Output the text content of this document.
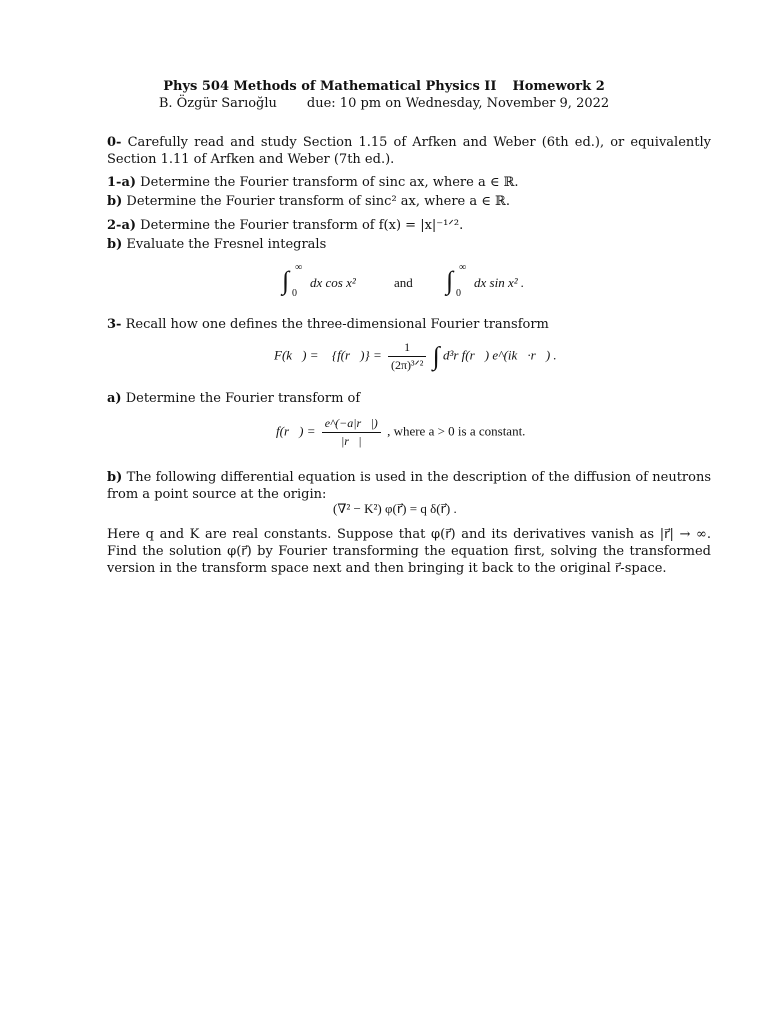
Phys 504 Methods of Mathematical Physics II Homework 2
B. Özgür Sarıoğlu due: 10 pm on Wednesday, November 9, 2022
0- Carefully read and study Section 1.15 of Arfken and Weber (6th ed.), or equivalently Section 1.11 of Arfken and Weber (7th ed.).
1-a) Determine the Fourier transform of sinc ax, where a ∈ ℝ.
b) Determine the Fourier transform of sinc² ax, where a ∈ ℝ.
2-a) Determine the Fourier transform of f(x) = |x|⁻¹ᐟ².
b) Evaluate the Fresnel integrals
∫ ∞
0
dx cos x²	and ∫ ∞
0
dx sin x² .
3- Recall how one defines the three-dimensional Fourier transform
F(k⃗) = 𝓕{f(r⃗)} = $\frac{1}{\text{(2π)³ᐟ²}}$ ∫ d³r f(r⃗) e^(ik⃗·r⃗) .
a) Determine the Fourier transform of
f(r⃗) = $\frac{e\^{}(-a|r⃗|)}{|r⃗|}$ , where a > 0 is a constant.
b) The following differential equation is used in the description of the diffusion of neutrons from a point source at the origin:
(∇² − K²) φ(r⃗) = q δ(r⃗) .
Here q and K are real constants. Suppose that φ(r⃗) and its derivatives vanish as |r⃗| → ∞. Find the solution φ(r⃗) by Fourier transforming the equation first, solving the transformed version in the transform space next and then bringing it back to the original r⃗-space.
